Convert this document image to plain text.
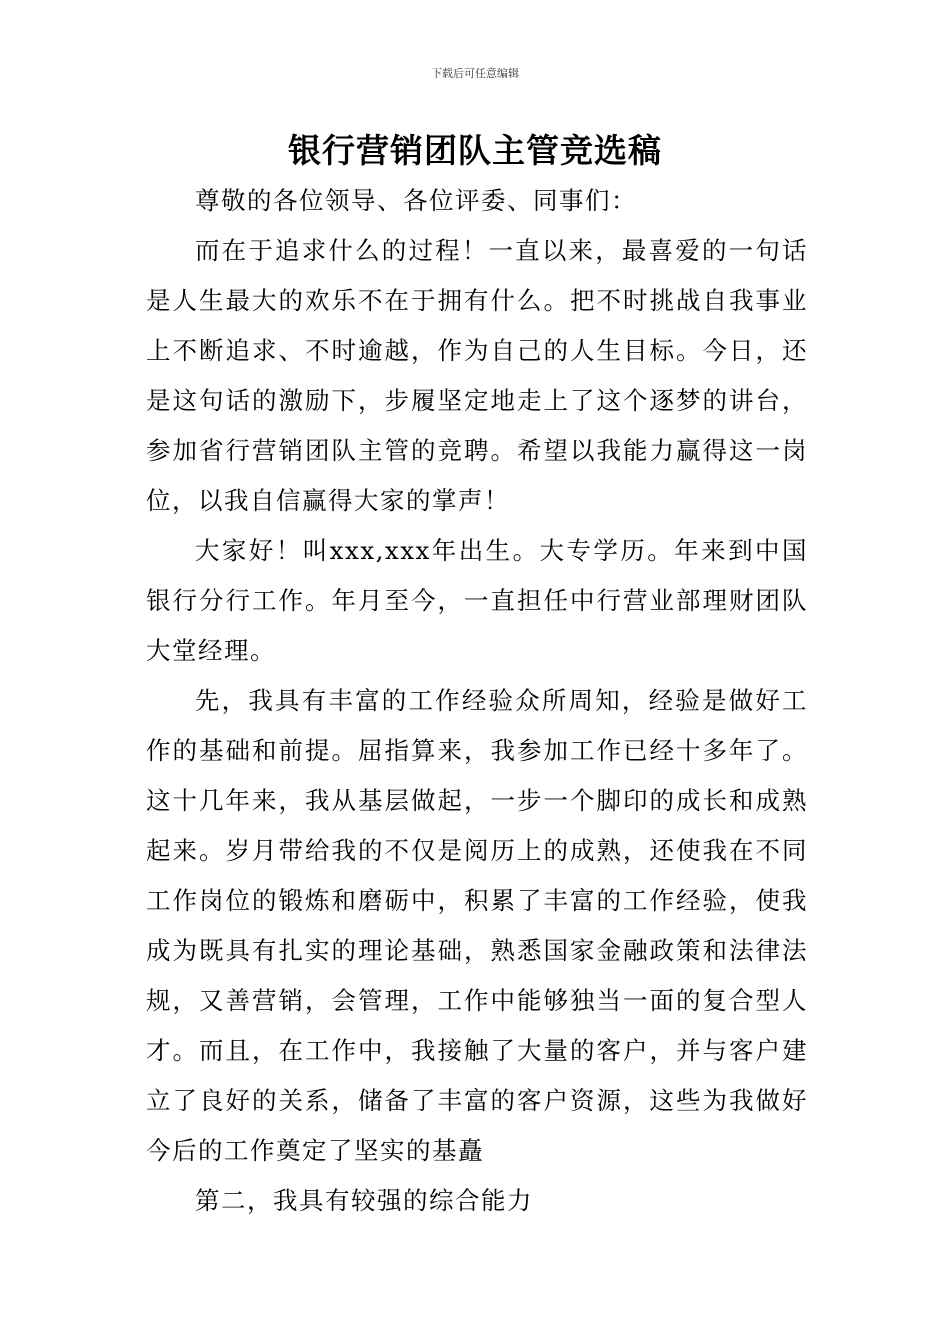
下载后可任意编辑
银行营销团队主管竞选稿

尊敬的各位领导、各位评委、同事们：

而在于追求什么的过程！一直以来，最喜爱的一句话是人生最大的欢乐不在于拥有什么。把不时挑战自我事业上不断追求、不时逾越，作为自己的人生目标。今日，还是这句话的激励下，步履坚定地走上了这个逐梦的讲台，参加省行营销团队主管的竞聘。希望以我能力赢得这一岗位，以我自信赢得大家的掌声！

大家好！叫xxx,xxx年出生。大专学历。年来到中国银行分行工作。年月至今，一直担任中行营业部理财团队大堂经理。

先，我具有丰富的工作经验众所周知，经验是做好工作的基础和前提。屈指算来，我参加工作已经十多年了。这十几年来，我从基层做起，一步一个脚印的成长和成熟起来。岁月带给我的不仅是阅历上的成熟，还使我在不同工作岗位的锻炼和磨砺中，积累了丰富的工作经验，使我成为既具有扎实的理论基础，熟悉国家金融政策和法律法规，又善营销，会管理，工作中能够独当一面的复合型人才。而且，在工作中，我接触了大量的客户，并与客户建立了良好的关系，储备了丰富的客户资源，这些为我做好今后的工作奠定了坚实的基矗

第二，我具有较强的综合能力
